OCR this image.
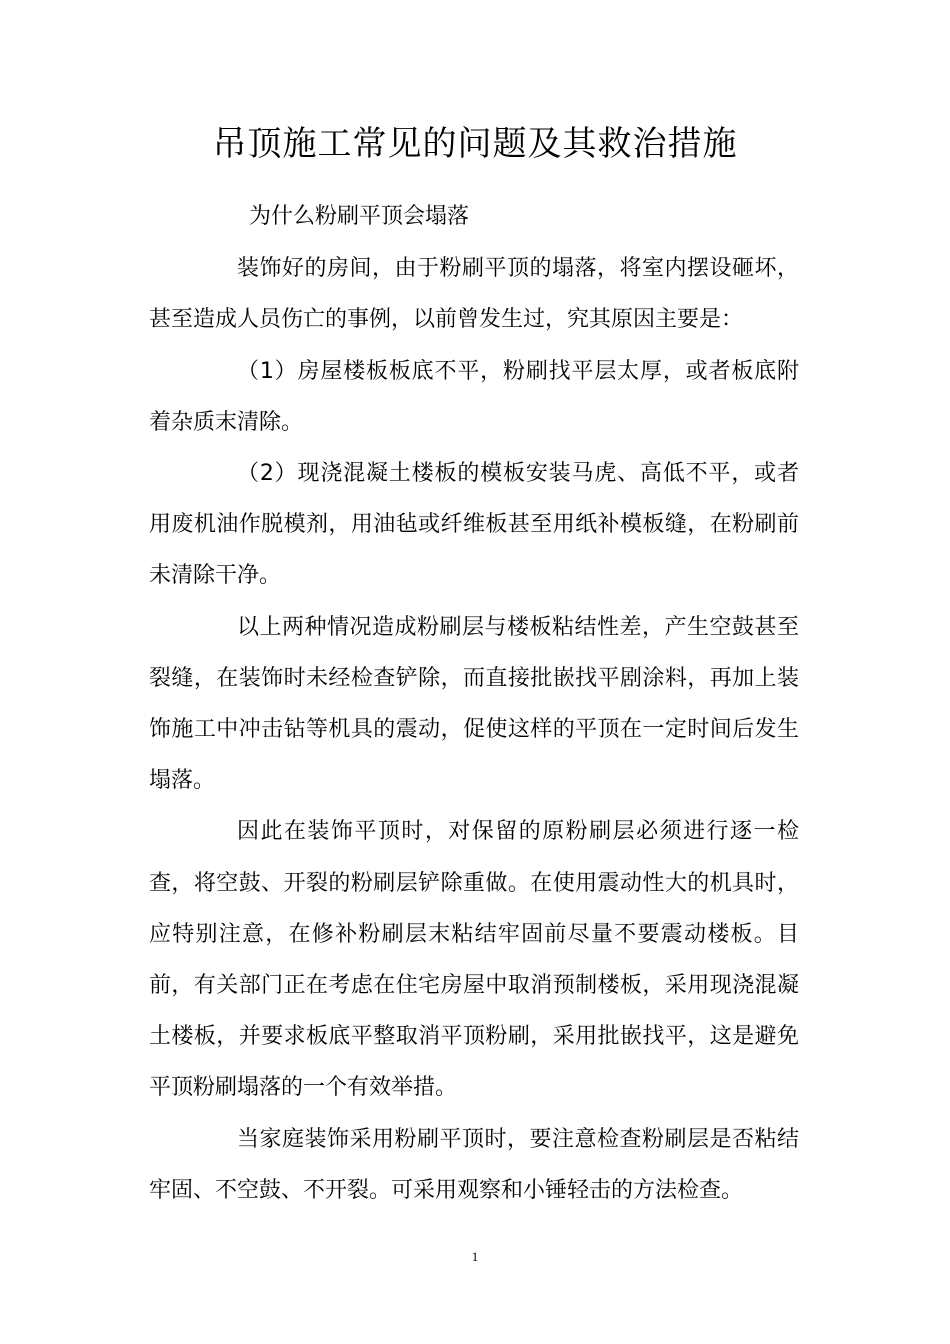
吊顶施工常见的问题及其救治措施

为什么粉刷平顶会塌落

装饰好的房间，由于粉刷平顶的塌落，将室内摆设砸坏，甚至造成人员伤亡的事例，以前曾发生过，究其原因主要是：

（1）房屋楼板板底不平，粉刷找平层太厚，或者板底附着杂质末清除。

（2）现浇混凝土楼板的模板安装马虎、高低不平，或者用废机油作脱模剂，用油毡或纤维板甚至用纸补模板缝，在粉刷前未清除干净。

以上两种情况造成粉刷层与楼板粘结性差，产生空鼓甚至裂缝，在装饰时未经检查铲除，而直接批嵌找平剧涂料，再加上装饰施工中冲击钻等机具的震动，促使这样的平顶在一定时间后发生塌落。

因此在装饰平顶时，对保留的原粉刷层必须进行逐一检查，将空鼓、开裂的粉刷层铲除重做。在使用震动性大的机具时，应特别注意，在修补粉刷层末粘结牢固前尽量不要震动楼板。目前，有关部门正在考虑在住宅房屋中取消预制楼板，采用现浇混凝土楼板，并要求板底平整取消平顶粉刷，采用批嵌找平，这是避免平顶粉刷塌落的一个有效举措。

当家庭装饰采用粉刷平顶时，要注意检查粉刷层是否粘结牢固、不空鼓、不开裂。可采用观察和小锤轻击的方法检查。

1
